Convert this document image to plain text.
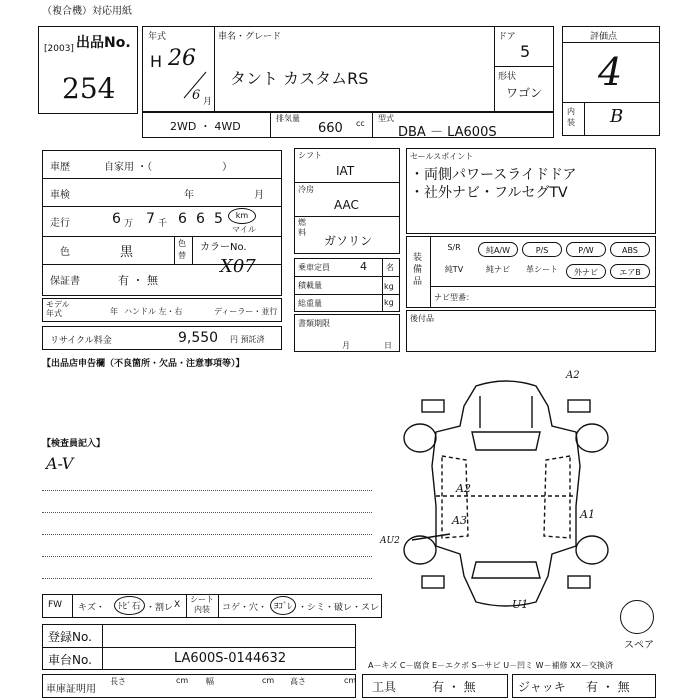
（複合機）対応用紙
出品No.
[2003]
254
年式
H 26
6 月
車名・グレード
タント カスタムRS
ドア
5
形状
ワゴン
評価点
4
内装 B
2WD ・ 4WD
排気量
660 cc
型式
DBA － LA600S
車歴	自家用 ・（　　　　　　　）
車検	年	月
走行	6 万 7 千 6 6 5	km
マイル
色	黒
色替
カラーNo.
X07
保証書	有 ・ 無
モデル年式	年 ハンドル 左・右	ディーラー・並行
リサイクル料金	9,550 円 預託済
シフト
IAT
冷房
AAC
燃料
ガソリン
乗車定員	4 名
積載量	kg
総重量	kg
書類期限
月	日
セールスポイント
・両側パワースライドドア
・社外ナビ・フルセグTV
装備品
S/R	純A/W	P/S	P/W	ABS
純TV	純ナビ	革シート	外ナビ	エアB
ナビ型番：
後付品
【出品店申告欄（不良箇所・欠品・注意事項等）】
【検査員記入】
A-V
A2
A2
A3	A1
U1
AU2
FW キズ・	ﾄﾋﾞ石 ・割レ X
シート内装	コゲ・穴・ ﾖｺﾞﾚ ・シミ・破レ・スレ
スペア
登録No.
車台No.	LA600S-0144632	A－キズ C－腐食 E－エクボ S－サビ U－凹ミ W－補修 XX－交換済
車庫証明用
長さ	cm 幅	cm 高さ	cm 工具	有 ・ 無	ジャッキ 有 ・ 無
